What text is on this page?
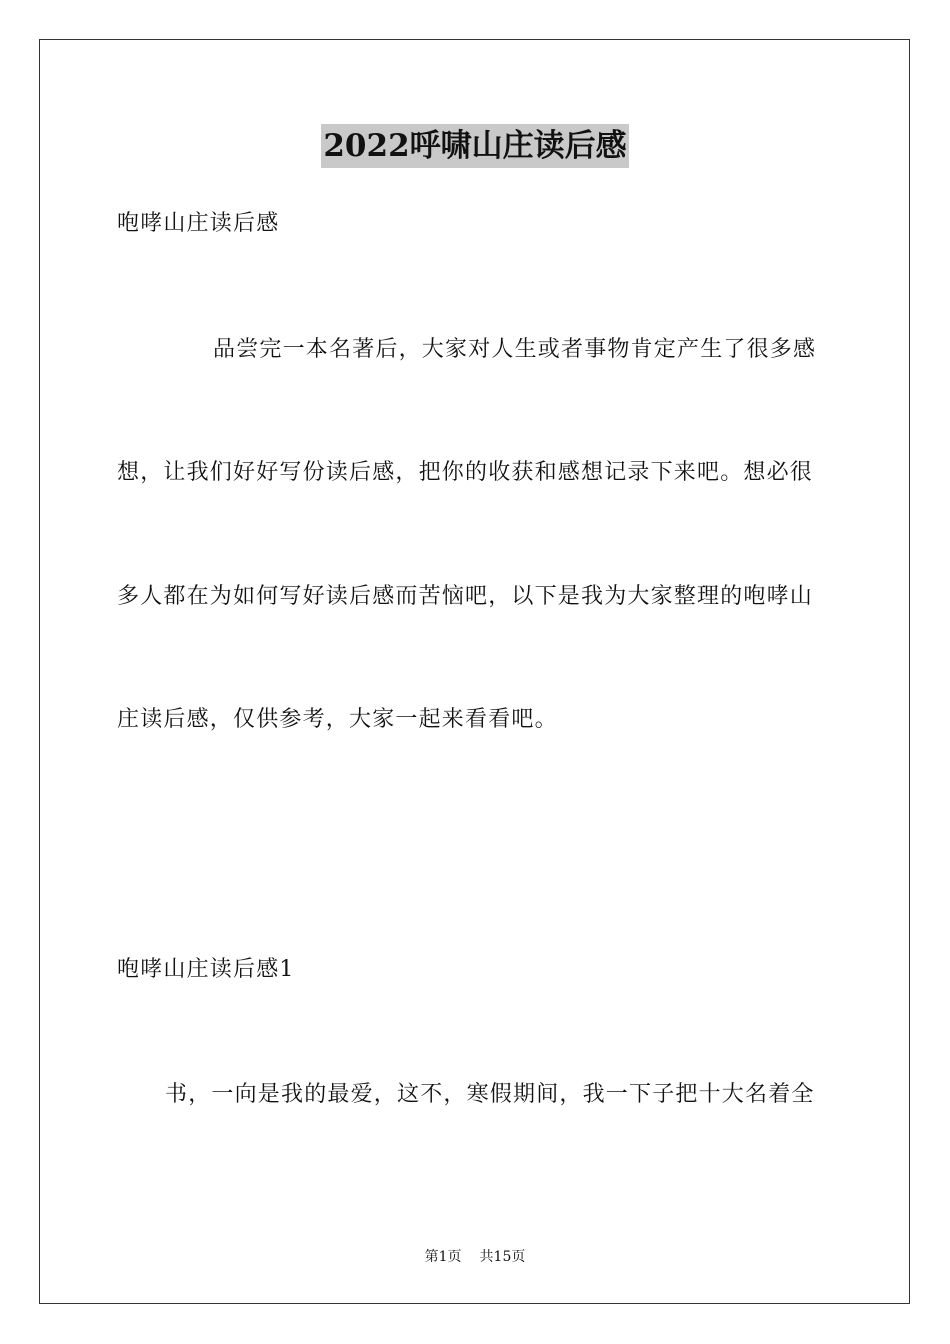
2022呼啸山庄读后感
咆哮山庄读后感
品尝完一本名著后，大家对人生或者事物肯定产生了很多感
想，让我们好好写份读后感，把你的收获和感想记录下来吧。想必很
多人都在为如何写好读后感而苦恼吧，以下是我为大家整理的咆哮山
庄读后感，仅供参考，大家一起来看看吧。
咆哮山庄读后感1
书，一向是我的最爱，这不，寒假期间，我一下子把十大名着全
第1页 共15页
